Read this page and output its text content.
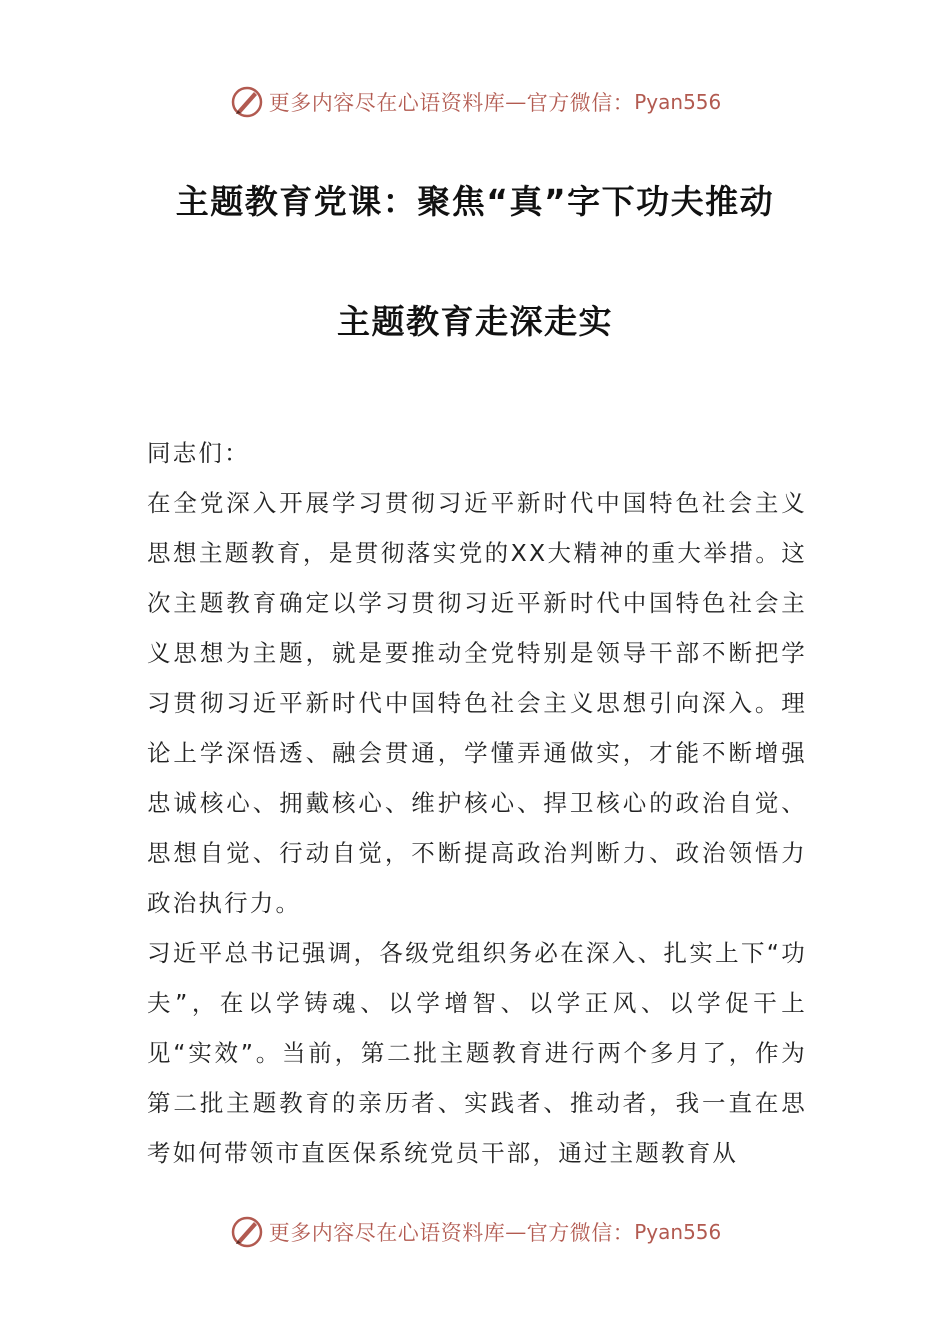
更多内容尽在心语资料库 — 官方微信： Pyan556
主题教育党课：聚焦“真”字下功夫推动
主题教育走深走实

同志们：

在全党深入开展学习贯彻习近平新时代中国特色社会主义思想主题教育，是贯彻落实党的XX大精神的重大举措。这次主题教育确定以学习贯彻习近平新时代中国特色社会主义思想为主题，就是要推动全党特别是领导干部不断把学习贯彻习近平新时代中国特色社会主义思想引向深入。理论上学深悟透、融会贯通，学懂弄通做实，才能不断增强忠诚核心、拥戴核心、维护核心、捍卫核心的政治自觉、思想自觉、行动自觉，不断提高政治判断力、政治领悟力政治执行力。

习近平总书记强调，各级党组织务必在深入、扎实上下“功夫”，在以学铸魂、以学增智、以学正风、以学促干上见“实效”。当前，第二批主题教育进行两个多月了，作为第二批主题教育的亲历者、实践者、推动者，我一直在思考如何带领市直医保系统党员干部，通过主题教育从

更多内容尽在心语资料库 — 官方微信： Pyan556
